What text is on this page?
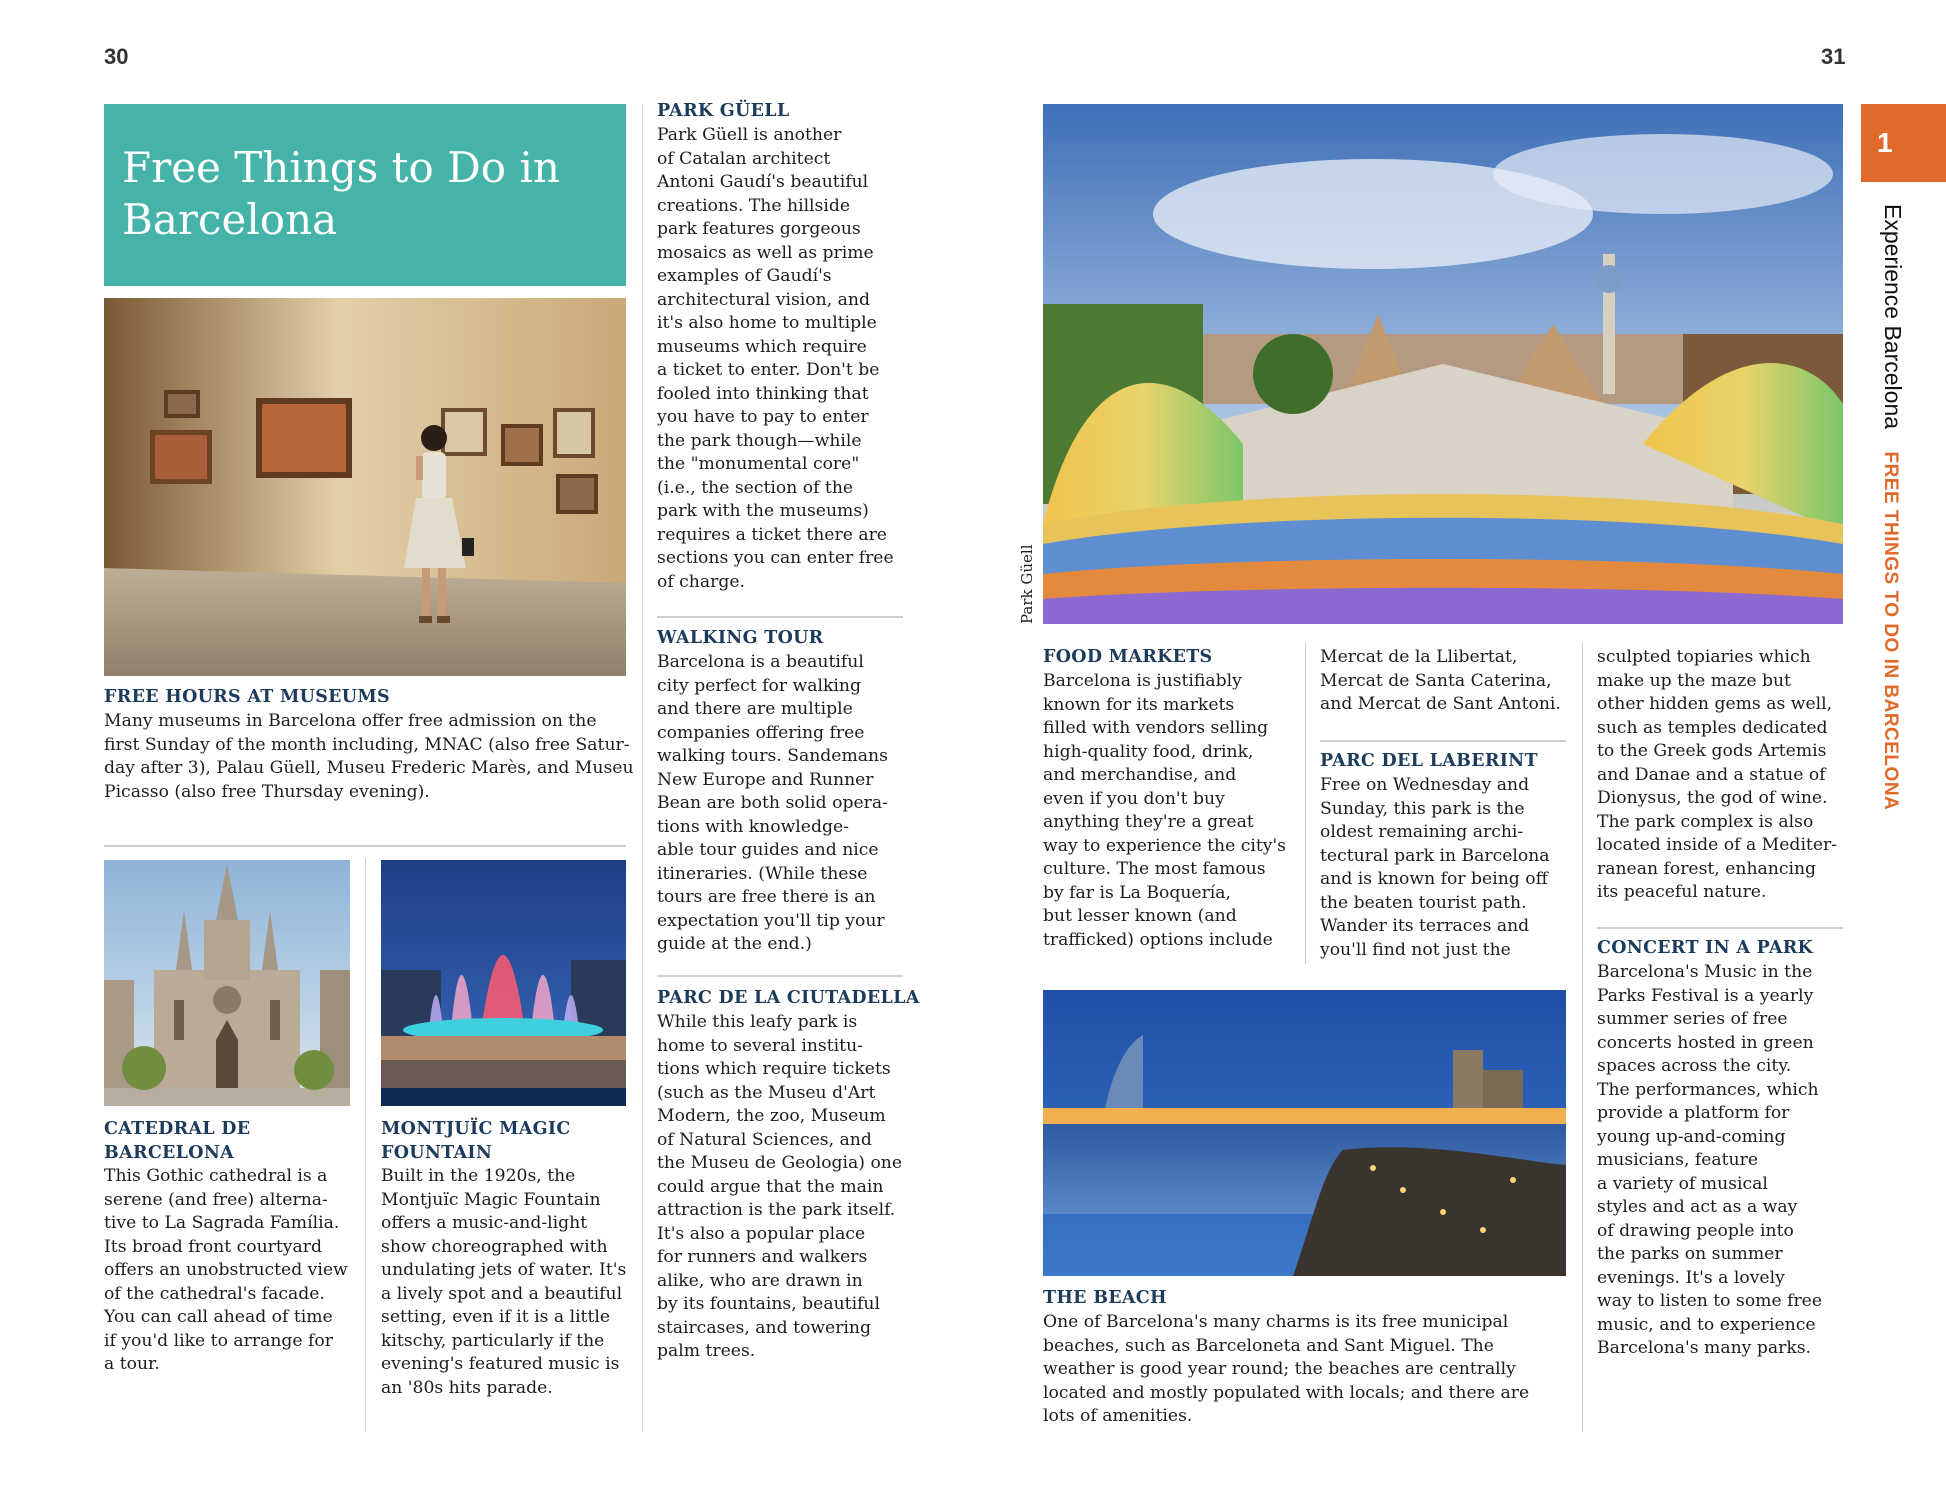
30
Free Things to Do in Barcelona
FREE HOURS AT MUSEUMS
Many museums in Barcelona offer free admission on the
first Sunday of the month including, MNAC (also free Satur-
day after 3), Palau Güell, Museu Frederic Marès, and Museu
Picasso (also free Thursday evening).
CATEDRAL DE
BARCELONA
This Gothic cathedral is a
serene (and free) alterna-
tive to La Sagrada Família.
Its broad front courtyard
offers an unobstructed view
of the cathedral's facade.
You can call ahead of time
if you'd like to arrange for
a tour.
MONTJUÏC MAGIC
FOUNTAIN
Built in the 1920s, the
Montjuïc Magic Fountain
offers a music-and-light
show choreographed with
undulating jets of water. It's
a lively spot and a beautiful
setting, even if it is a little
kitschy, particularly if the
evening's featured music is
an '80s hits parade.
PARK GÜELL
Park Güell is another
of Catalan architect
Antoni Gaudí's beautiful
creations. The hillside
park features gorgeous
mosaics as well as prime
examples of Gaudí's
architectural vision, and
it's also home to multiple
museums which require
a ticket to enter. Don't be
fooled into thinking that
you have to pay to enter
the park though—while
the "monumental core"
(i.e., the section of the
park with the museums)
requires a ticket there are
sections you can enter free
of charge.
WALKING TOUR
Barcelona is a beautiful
city perfect for walking
and there are multiple
companies offering free
walking tours. Sandemans
New Europe and Runner
Bean are both solid opera-
tions with knowledge-
able tour guides and nice
itineraries. (While these
tours are free there is an
expectation you'll tip your
guide at the end.)
PARC DE LA CIUTADELLA
While this leafy park is
home to several institu-
tions which require tickets
(such as the Museu d'Art
Modern, the zoo, Museum
of Natural Sciences, and
the Museu de Geologia) one
could argue that the main
attraction is the park itself.
It's also a popular place
for runners and walkers
alike, who are drawn in
by its fountains, beautiful
staircases, and towering
palm trees.
31
Park Güell
1
Experience Barcelona FREE THINGS TO DO IN BARCELONA
FOOD MARKETS
Barcelona is justifiably
known for its markets
filled with vendors selling
high-quality food, drink,
and merchandise, and
even if you don't buy
anything they're a great
way to experience the city's
culture. The most famous
by far is La Boquería,
but lesser known (and
trafficked) options include
Mercat de la Llibertat,
Mercat de Santa Caterina,
and Mercat de Sant Antoni.
PARC DEL LABERINT
Free on Wednesday and
Sunday, this park is the
oldest remaining archi-
tectural park in Barcelona
and is known for being off
the beaten tourist path.
Wander its terraces and
you'll find not just the
sculpted topiaries which
make up the maze but
other hidden gems as well,
such as temples dedicated
to the Greek gods Artemis
and Danae and a statue of
Dionysus, the god of wine.
The park complex is also
located inside of a Mediter-
ranean forest, enhancing
its peaceful nature.
CONCERT IN A PARK
Barcelona's Music in the
Parks Festival is a yearly
summer series of free
concerts hosted in green
spaces across the city.
The performances, which
provide a platform for
young up-and-coming
musicians, feature
a variety of musical
styles and act as a way
of drawing people into
the parks on summer
evenings. It's a lovely
way to listen to some free
music, and to experience
Barcelona's many parks.
THE BEACH
One of Barcelona's many charms is its free municipal
beaches, such as Barceloneta and Sant Miguel. The
weather is good year round; the beaches are centrally
located and mostly populated with locals; and there are
lots of amenities.
